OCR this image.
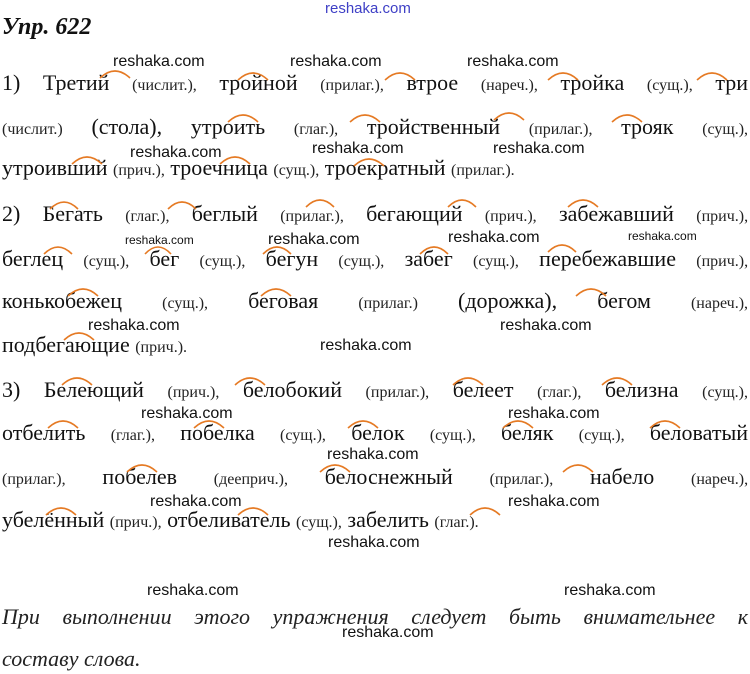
reshaka.com
Упр. 622
1) Третий (числит.), тройной (прилаг.), втрое (нареч.), тройка (сущ.), три
(числит.) (стола), утроить (глаг.), тройственный (прилаг.), трояк (сущ.),
утроивший (прич.), троечница (сущ.), троекратный (прилаг.).
2) Бегать (глаг.), беглый (прилаг.), бегающий (прич.), забежавший (прич.),
беглец (сущ.), бег (сущ.), бегун (сущ.), забег (сущ.), перебежавшие (прич.),
конькобежец	(сущ.), беговая	(прилаг.) (дорожка), бегом	(нареч.),
подбегающие (прич.).
3) Белеющий (прич.), белобокий (прилаг.), белеет (глаг.), белизна (сущ.),
отбелить (глаг.), побелка (сущ.), белок (сущ.), беляк (сущ.), беловатый
(прилаг.), побелев (дееприч.), белоснежный (прилаг.), набело (нареч.),
убелённый (прич.), отбеливатель (сущ.), забелить (глаг.).
При выполнении этого упражнения следует быть внимательнее к
составу слова.
reshaka.com	reshaka.com	reshaka.com
reshaka.com	reshaka.com	reshaka.com
reshaka.com	reshaka.com	reshaka.com	reshaka.com
reshaka.com	reshaka.com
reshaka.com
reshaka.com	reshaka.com
reshaka.com
reshaka.com	reshaka.com
reshaka.com
reshaka.com	reshaka.com
reshaka.com
